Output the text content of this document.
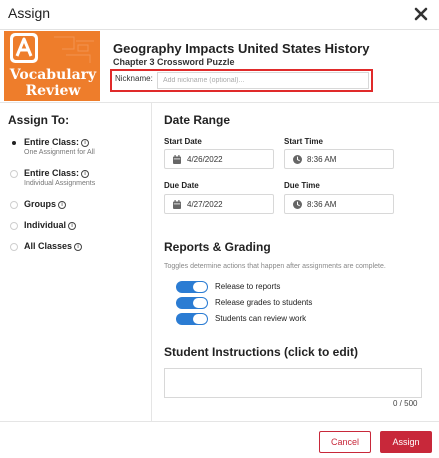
Assign
Vocabulary
Review
Geography Impacts United States History
Chapter 3 Crossword Puzzle
Nickname:
Add nickname (optional)...
Assign To:
Entire Class: i
One Assignment for All
Entire Class: i
Individual Assignments
Groups i
Individual i
All Classes i
Date Range
Start Date
4/26/2022
Start Time
8:36 AM
Due Date
4/27/2022
Due Time
8:36 AM
Reports & Grading
Toggles determine actions that happen after assignments are complete.
Release to reports
Release grades to students
Students can review work
Student Instructions (click to edit)
0 / 500
Cancel	Assign
